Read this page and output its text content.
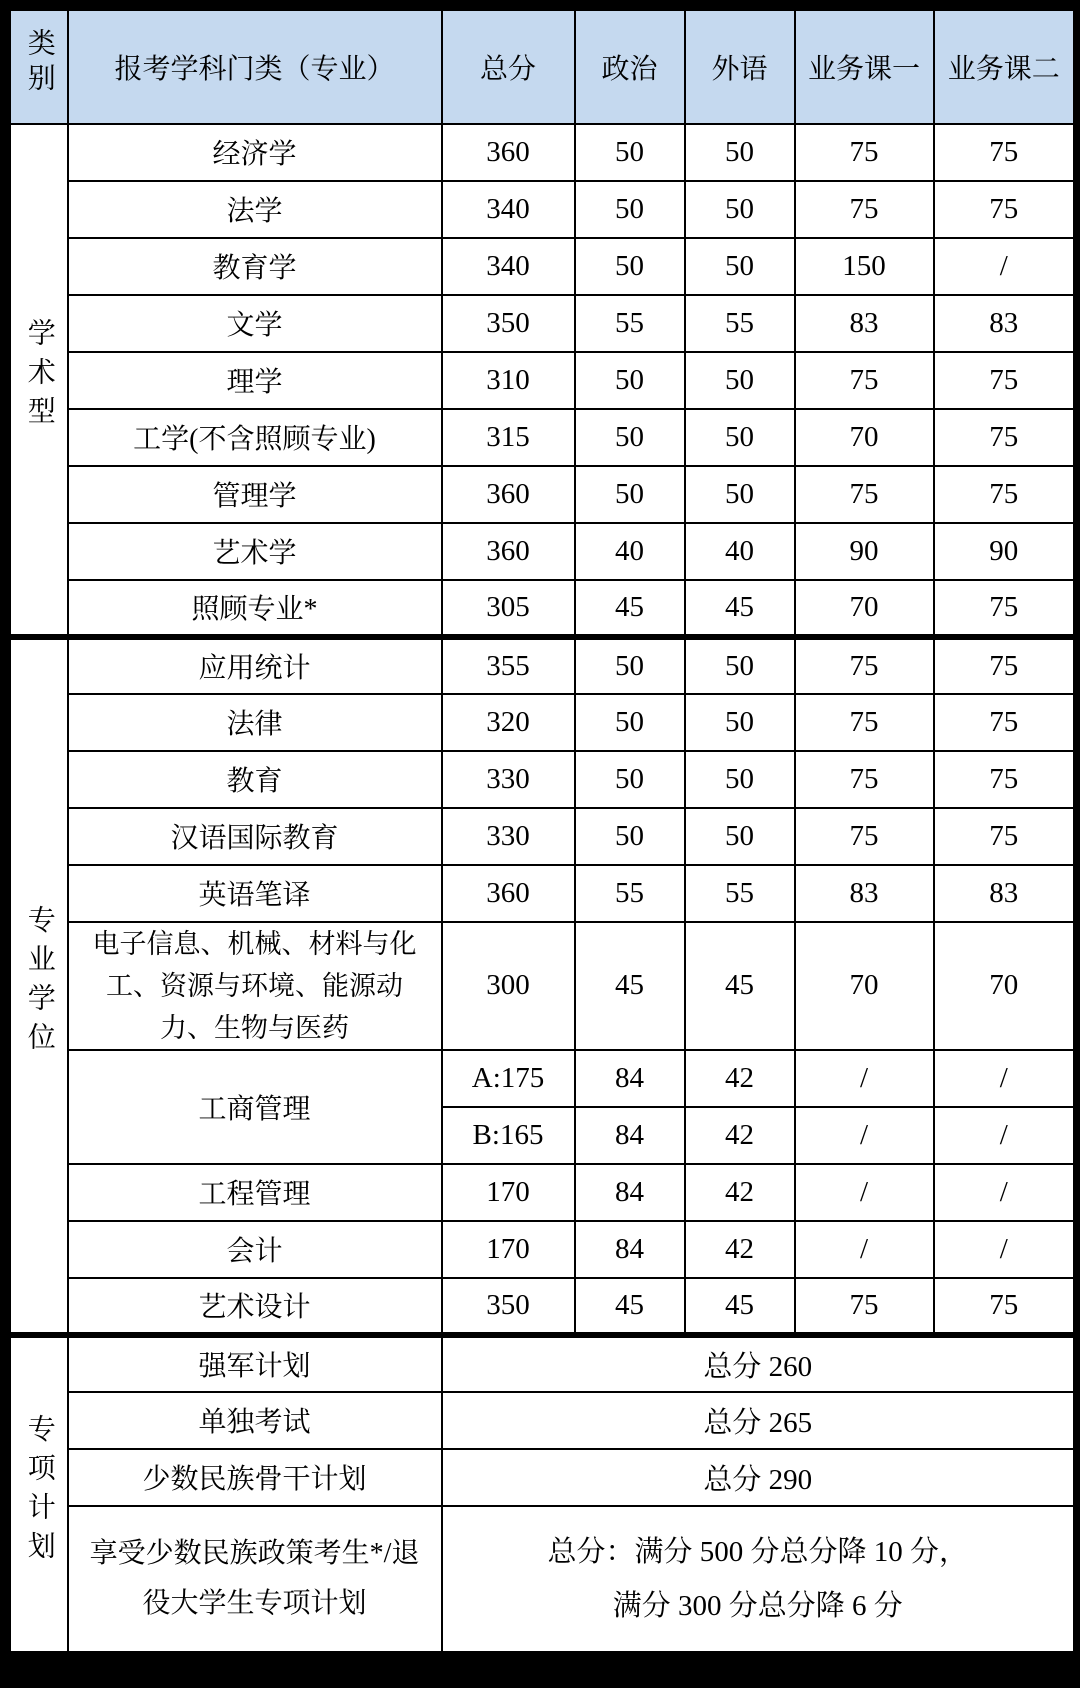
类别	报考学科门类（专业）	总分	政治	外语	业务课一	业务课二
学术型	经济学	360	50	50	75	75
	法学	340	50	50	75	75
	教育学	340	50	50	150	/
	文学	350	55	55	83	83
	理学	310	50	50	75	75
	工学(不含照顾专业)	315	50	50	70	75
	管理学	360	50	50	75	75
	艺术学	360	40	40	90	90
	照顾专业*	305	45	45	70	75
专业学位	应用统计	355	50	50	75	75
	法律	320	50	50	75	75
	教育	330	50	50	75	75
	汉语国际教育	330	50	50	75	75
	英语笔译	360	55	55	83	83
	电子信息、机械、材料与化工、资源与环境、能源动力、生物与医药	300	45	45	70	70
	工商管理	A:175	84	42	/	/
		B:165	84	42	/	/
	工程管理	170	84	42	/	/
	会计	170	84	42	/	/
	艺术设计	350	45	45	75	75
专项计划	强军计划	总分 260				
	单独考试	总分 265				
	少数民族骨干计划	总分 290				
	享受少数民族政策考生*/退役大学生专项计划	总分：满分 500 分总分降 10 分，
满分 300 分总分降 6 分				
